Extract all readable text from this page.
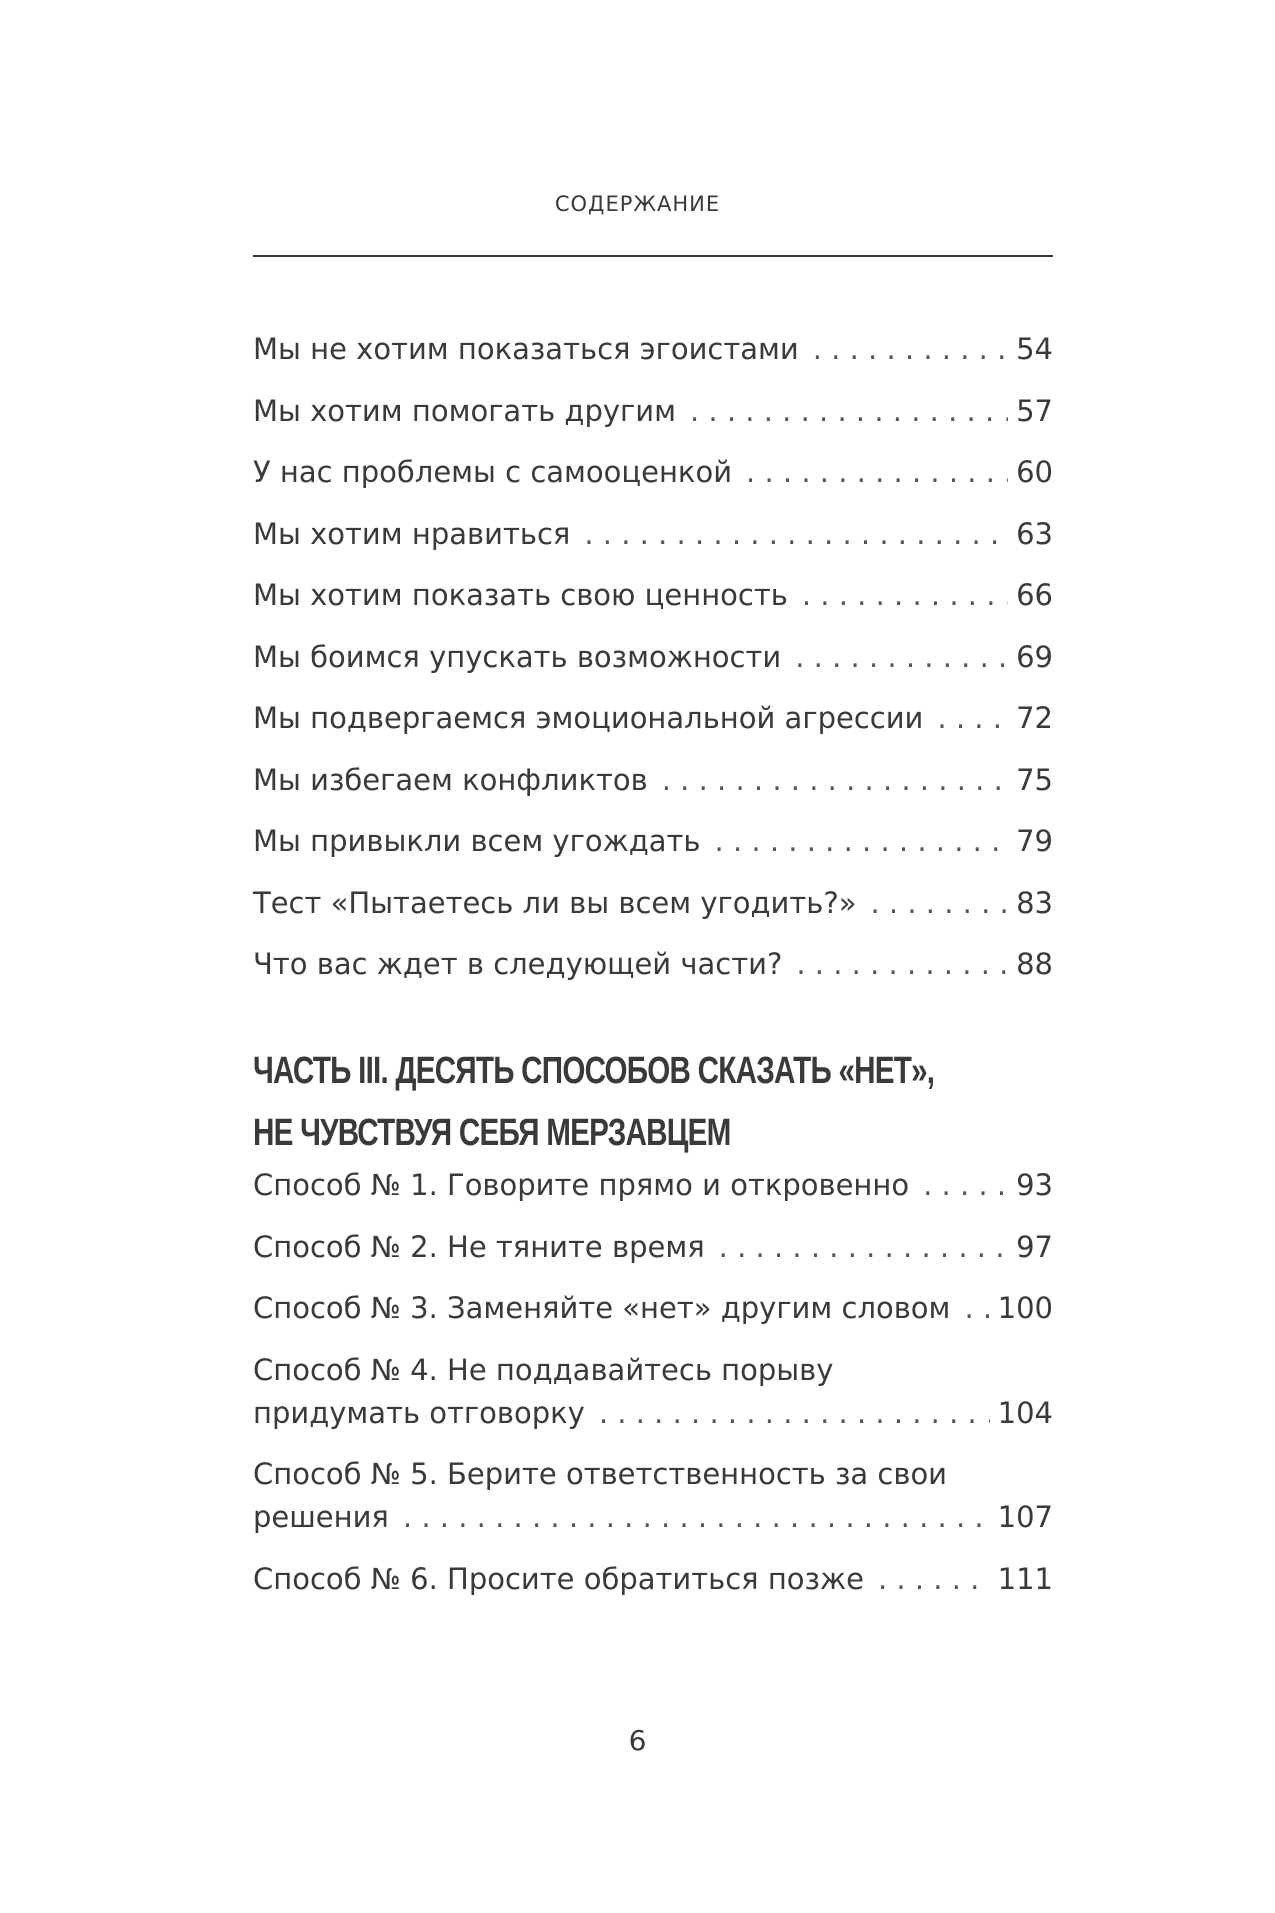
СОДЕРЖАНИЕ
Мы не хотим показаться эгоистами . . .	54
Мы хотим помогать другим . . .	57
У нас проблемы с самооценкой . . .	60
Мы хотим нравиться . . .	63
Мы хотим показать свою ценность . . .	66
Мы боимся упускать возможности . . .	69
Мы подвергаемся эмоциональной агрессии . . .	72
Мы избегаем конфликтов . . .	75
Мы привыкли всем угождать . . .	79
Тест «Пытаетесь ли вы всем угодить?» . . .	83
Что вас ждет в следующей части? . . .	88
ЧАСТЬ III. ДЕСЯТЬ СПОСОБОВ СКАЗАТЬ «НЕТ»,
НЕ ЧУВСТВУЯ СЕБЯ МЕРЗАВЦЕМ
Способ № 1. Говорите прямо и откровенно . . .	93
Способ № 2. Не тяните время . . .	97
Способ № 3. Заменяйте «нет» другим словом . . .	100
Способ № 4. Не поддавайтесь порыву
придумать отговорку . . .	104
Способ № 5. Берите ответственность за свои
решения . . .	107
Способ № 6. Просите обратиться позже . . .	111
6
